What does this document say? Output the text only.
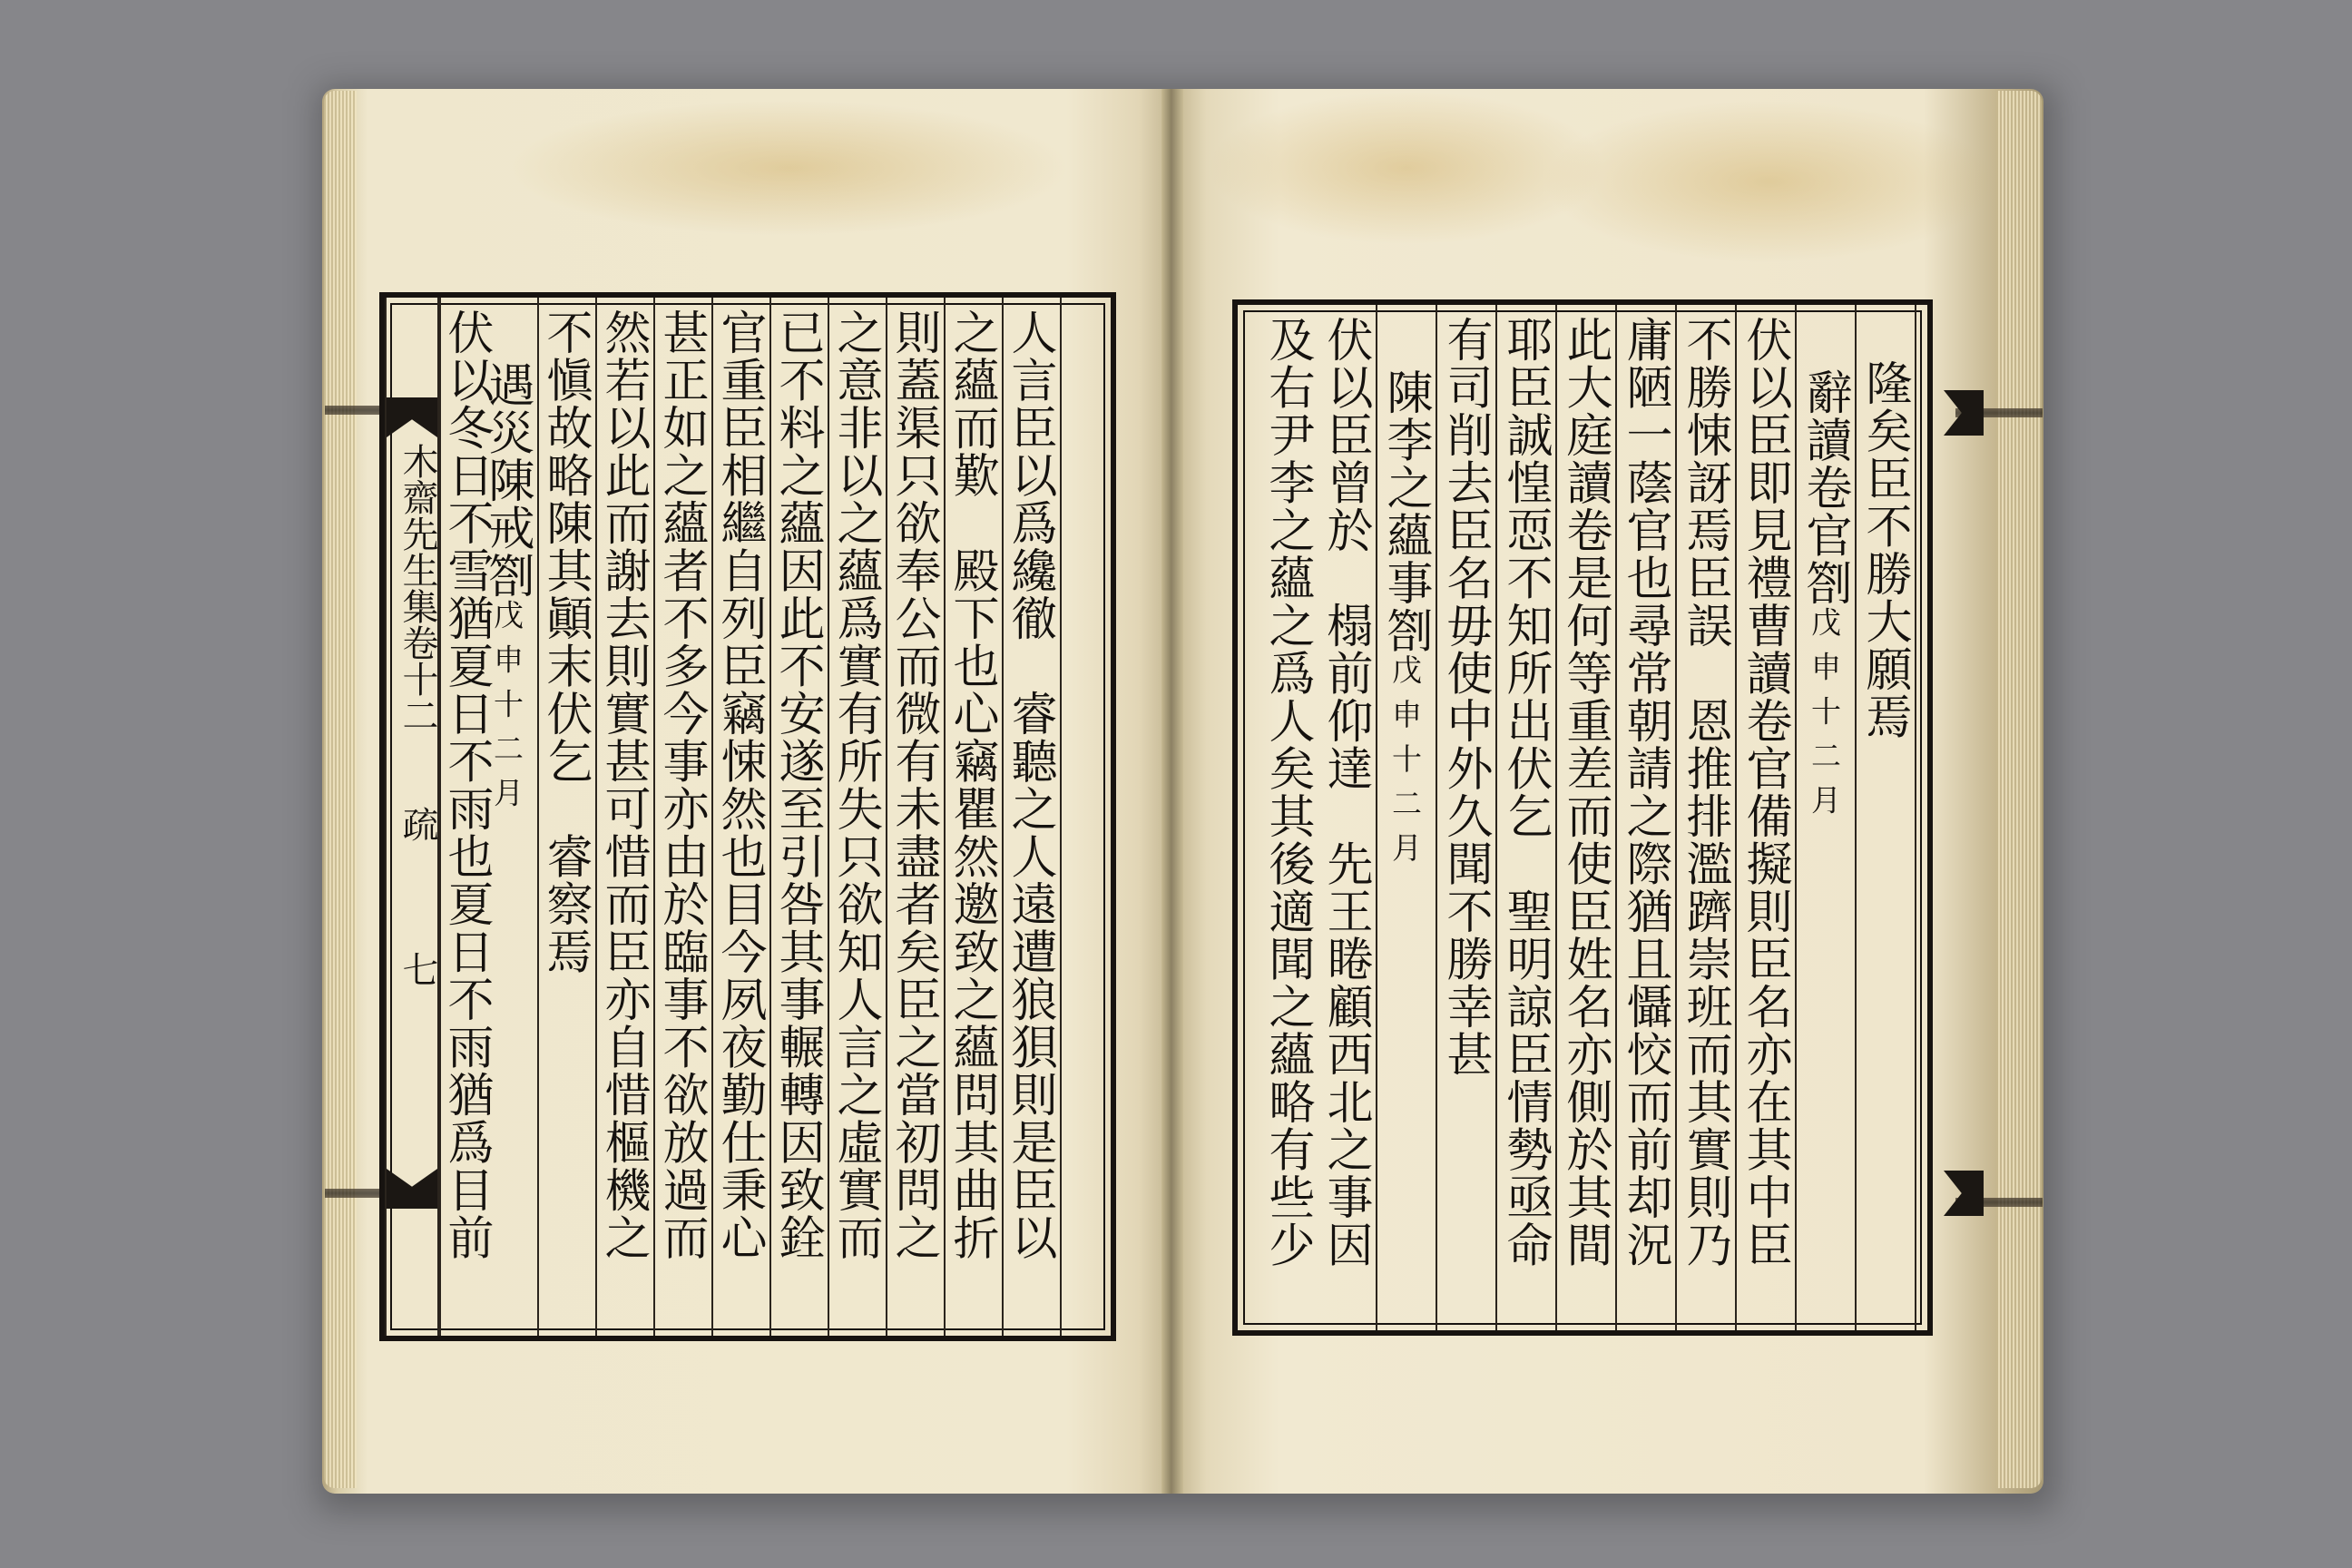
木齋先生集卷十二
疏
七	人言臣以爲纔徹　睿聽之人遠遭狼狽則是臣以
之蘊而歎　殿下也心竊瞿然邀致之蘊問其曲折
則蓋渠只欲奉公而微有未盡者矣臣之當初問之
之意非以之蘊爲實有所失只欲知人言之虛實而
已不料之蘊因此不安遂至引咎其事輾轉因致銓
官重臣相繼自列臣竊悚然也目今夙夜勤仕秉心
甚正如之蘊者不多今事亦由於臨事不欲放過而
然若以此而謝去則實甚可惜而臣亦自惜樞機之
不愼故略陳其顚末伏乞　睿察焉
遇災陳戒劄戊申十二月
伏以冬日不雪猶夏日不雨也夏日不雨猶爲目前	隆矣臣不勝大願焉
辭讀卷官劄戊申十二月
伏以臣即見禮曹讀卷官備擬則臣名亦在其中臣
不勝悚訝焉臣誤　恩推排濫躋崇班而其實則乃
庸陋一蔭官也尋常朝請之際猶且懾恔而前却況
此大庭讀卷是何等重差而使臣姓名亦側於其間
耶臣誠惶恧不知所出伏乞　聖明諒臣情勢亟命
有司削去臣名毋使中外久聞不勝幸甚
陳李之蘊事劄戊申十二月
伏以臣曾於　榻前仰達　先王睠顧西北之事因
及右尹李之蘊之爲人矣其後適聞之蘊略有些少
